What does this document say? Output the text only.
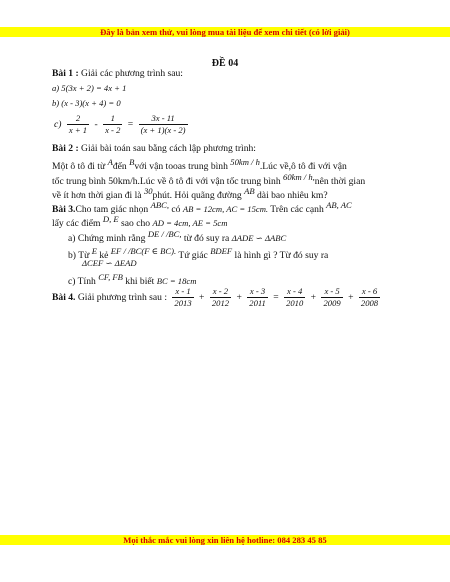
Đây là bản xem thử, vui lòng mua tài liệu để xem chi tiết (có lời giải)
ĐỀ 04
Bài 1 : Giải các phương trình sau:
a) 5(3x + 2) = 4x + 1
b) (x - 3)(x + 4) = 0
$c) \frac{2}{x + 1} - \frac{1}{x - 2} = \frac{3x - 11}{(x + 1)(x - 2)}$
Bài 2 : Giải bài toán sau bằng cách lập phương trình:
Một ô tô đi từ $^A$đến $^B$với vận tooas trung bình $^{50km / h}$.Lúc về,ô tô đi với vận
tốc trung bình 50km/h.Lúc về ô tô đi với vận tốc trung bình $^{60km / h,}$nên thời gian
về ít hơn thời gian đi là $^{30}$phút. Hỏi quãng đường $^{AB}$ dài bao nhiêu km?
Bài 3.Cho tam giác nhọn $^{ABC,}$ có AB = 12cm, AC = 15cm. Trên các cạnh $^{AB, AC}$
lấy các điểm $^{D, E}$ sao cho AD = 4cm, AE = 5cm
a) Chứng minh rằng $^{DE / /BC,}$ từ đó suy ra ΔADE ∽ ΔABC
b) Từ $^E$ kẻ $^{EF / /BC(F \in BC).}$ Tứ giác $^{BDEF}$ là hình gì ? Từ đó suy ra
ΔCEF ∽ ΔEAD
c) Tính $^{CF, FB}$ khi biết BC = 18cm
Bài 4. Giải phương trình sau : $\frac{x - 1}{2013} + \frac{x - 2}{2012} + \frac{x - 3}{2011} = \frac{x - 4}{2010} + \frac{x - 5}{2009} + \frac{x - 6}{2008}$
Mọi thắc mắc vui lòng xin liên hệ hotline: 084 283 45 85
